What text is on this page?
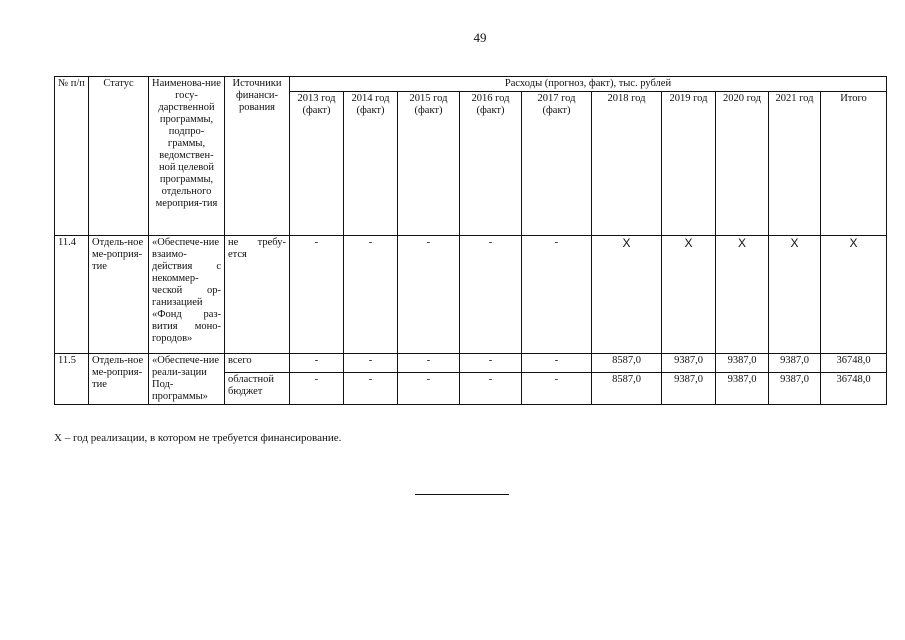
49
№ п/п	Статус	Наименова-ние госу-дарственной программы, подпро-граммы, ведомствен-ной целевой программы, отдельного мероприя-тия	Источники финанси-рования	Расходы (прогноз, факт), тыс. рублей									
				2013 год (факт)	2014 год (факт)	2015 год (факт)	2016 год (факт)	2017 год (факт)	2018 год	2019 год	2020 год	2021 год	Итого
11.4	Отдель-ное ме-роприя-тие	«Обеспече-ние взаимо-действия с некоммер-ческой ор-ганизацией «Фонд раз-вития моно-городов»	не требу-ется	-	-	-	-	-	X	X	X	X	X
11.5	Отдель-ное ме-роприя-тие	«Обеспече-ние реали-зации Под-программы»	всего	-	-	-	-	-	8587,0	9387,0	9387,0	9387,0	36748,0
			областной бюджет	-	-	-	-	-	8587,0	9387,0	9387,0	9387,0	36748,0
X – год реализации, в котором не требуется финансирование.
